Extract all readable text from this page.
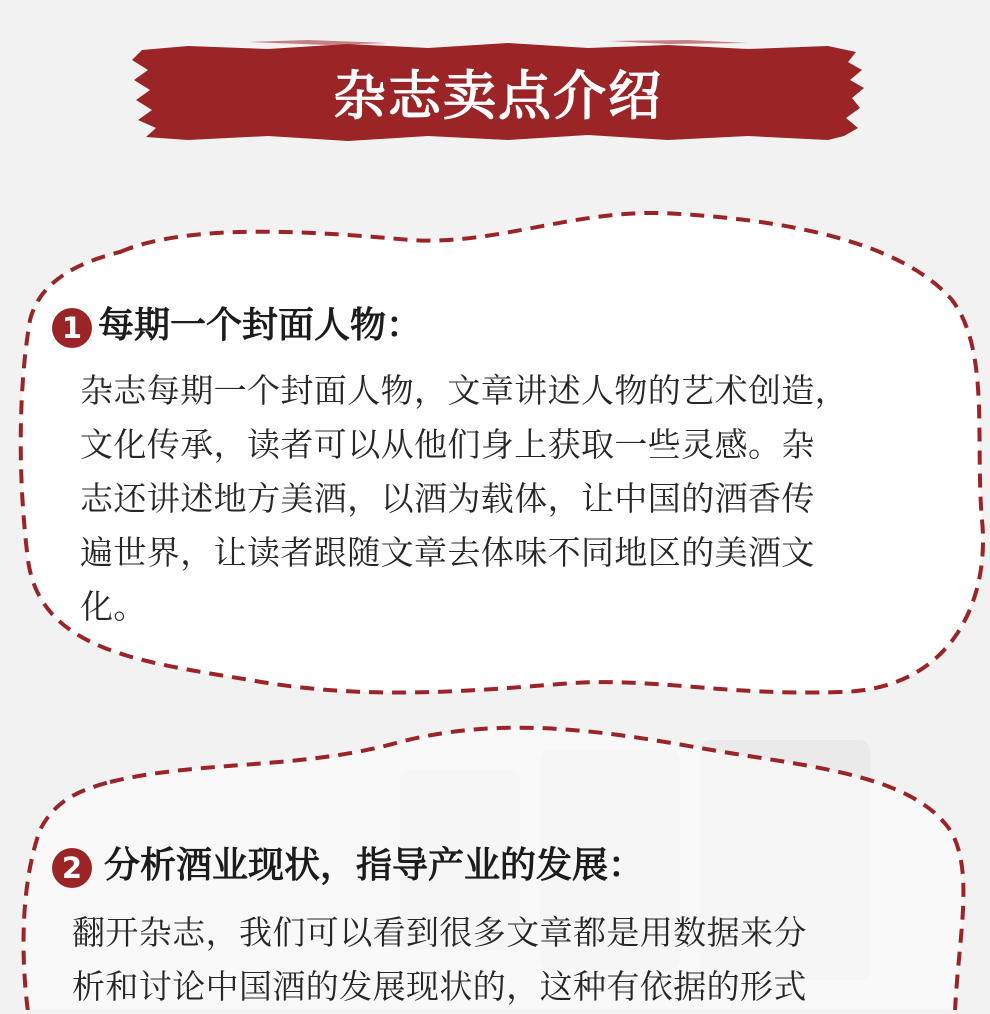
杂志卖点介绍
1 每期一个封面人物：

杂志每期一个封面人物，文章讲述人物的艺术创造，
文化传承，读者可以从他们身上获取一些灵感。杂
志还讲述地方美酒，以酒为载体，让中国的酒香传
遍世界，让读者跟随文章去体味不同地区的美酒文
化。

2 分析酒业现状，指导产业的发展：

翻开杂志，我们可以看到很多文章都是用数据来分
析和讨论中国酒的发展现状的，这种有依据的形式
